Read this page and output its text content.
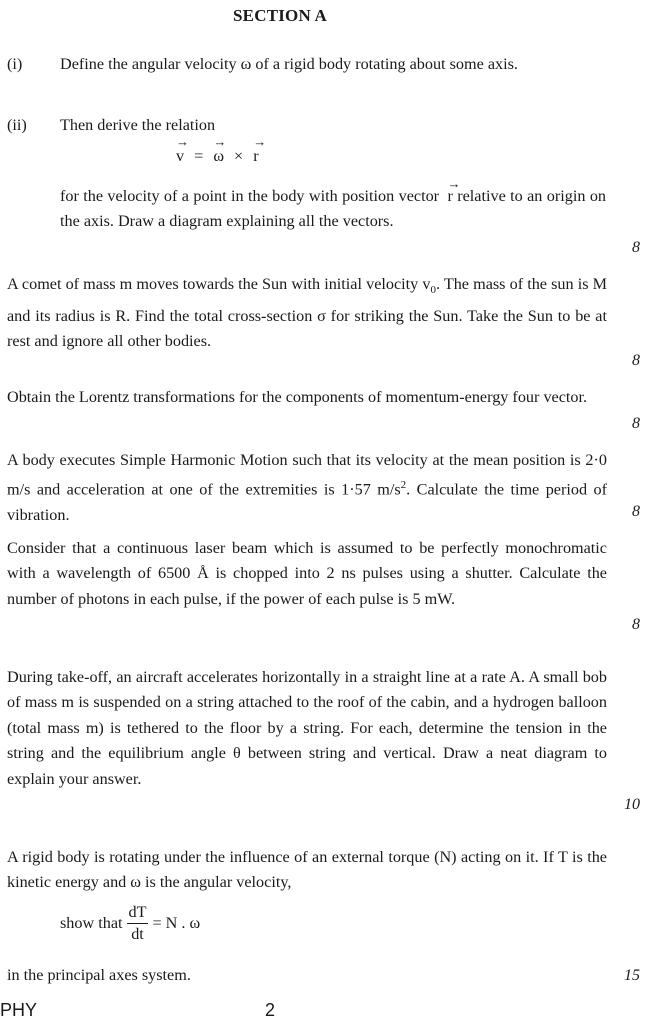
SECTION A
(i) Define the angular velocity ω of a rigid body rotating about some axis.
(ii) Then derive the relation
→ v = → ω × → r
for the velocity of a point in the body with position vector → r relative to an origin on the axis. Draw a diagram explaining all the vectors.
8
A comet of mass m moves towards the Sun with initial velocity $v_0$. The mass of the sun is M and its radius is R. Find the total cross-section σ for striking the Sun. Take the Sun to be at rest and ignore all other bodies.
8
Obtain the Lorentz transformations for the components of momentum-energy four vector.
8
A body executes Simple Harmonic Motion such that its velocity at the mean position is 2·0 m/s and acceleration at one of the extremities is 1·57 $m/s^2$. Calculate the time period of vibration.	8
Consider that a continuous laser beam which is assumed to be perfectly monochromatic with a wavelength of 6500 Å is chopped into 2 ns pulses using a shutter. Calculate the number of photons in each pulse, if the power of each pulse is 5 mW.
8
During take-off, an aircraft accelerates horizontally in a straight line at a rate A. A small bob of mass m is suspended on a string attached to the roof of the cabin, and a hydrogen balloon (total mass m) is tethered to the floor by a string. For each, determine the tension in the string and the equilibrium angle θ between string and vertical. Draw a neat diagram to explain your answer.
10
A rigid body is rotating under the influence of an external torque (N) acting on it. If T is the kinetic energy and ω is the angular velocity,
show that $\frac{dT}{dt} = N$ . ω
in the principal axes system.	15
PHY	2
